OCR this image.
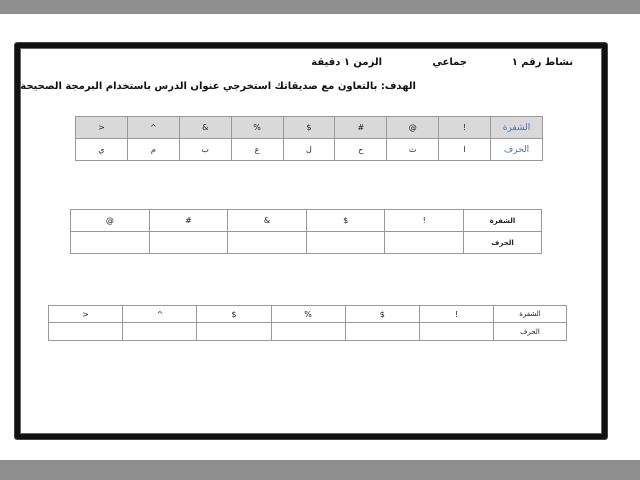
نشاط رقم ١
جماعي
الزمن ١ دقيقة
الهدف: بالتعاون مع صديقاتك استخرجي عنوان الدرس باستخدام البرمجة الصحيحة
الشفرة	!	@	#	$	%	&	^	<
الحرف	ا	ث	ح	ل	ع	ب	م	ي
الشفرة	!	$	&	#	@
الحرف					
الشفرة	!	$	%	$	^	<
الحرف						
